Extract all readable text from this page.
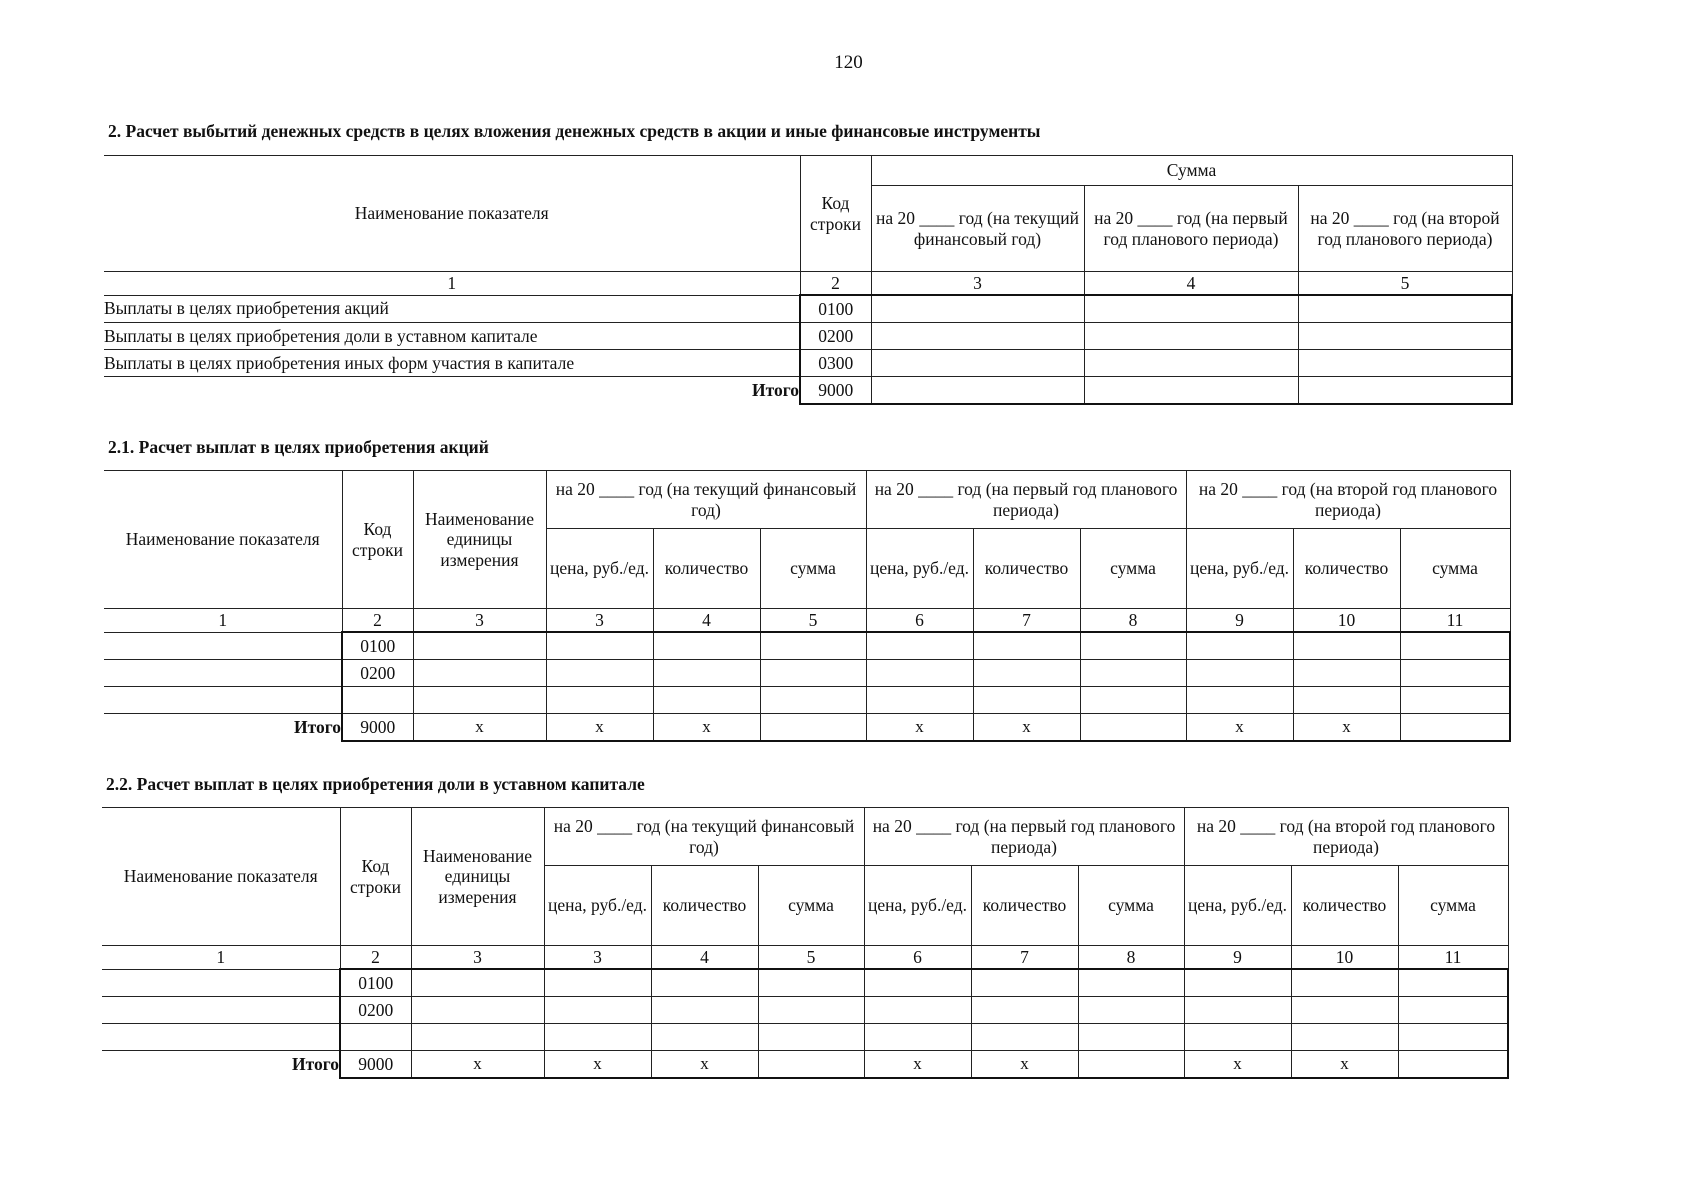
120
2. Расчет выбытий денежных средств в целях вложения денежных средств в акции и иные финансовые инструменты
Наименование показателя	Код строки	Сумма		
		на 20 ____ год (на текущий финансовый год)	на 20 ____ год (на первый год планового периода)	на 20 ____ год (на второй год планового периода)
1	2	3	4	5
Выплаты в целях приобретения акций	0100			
Выплаты в целях приобретения доли в уставном капитале	0200			
Выплаты в целях приобретения иных форм участия в капитале	0300			
Итого	9000			
2.1. Расчет выплат в целях приобретения акций
Наименование показателя	Код строки	Наименование единицы измерения	на 20 ____ год (на текущий финансовый год)			на 20 ____ год (на первый год планового периода)			на 20 ____ год (на второй год планового периода)		
			цена, руб./ед.	количество	сумма	цена, руб./ед.	количество	сумма	цена, руб./ед.	количество	сумма
1	2	3	3	4	5	6	7	8	9	10	11
	0100										
	0200										

Итого	9000	x	x	x		x	x		x	x	
2.2. Расчет выплат в целях приобретения доли в уставном капитале
Наименование показателя	Код строки	Наименование единицы измерения	на 20 ____ год (на текущий финансовый год)			на 20 ____ год (на первый год планового периода)			на 20 ____ год (на второй год планового периода)		
			цена, руб./ед.	количество	сумма	цена, руб./ед.	количество	сумма	цена, руб./ед.	количество	сумма
1	2	3	3	4	5	6	7	8	9	10	11
	0100										
	0200										

Итого	9000	x	x	x		x	x		x	x	
